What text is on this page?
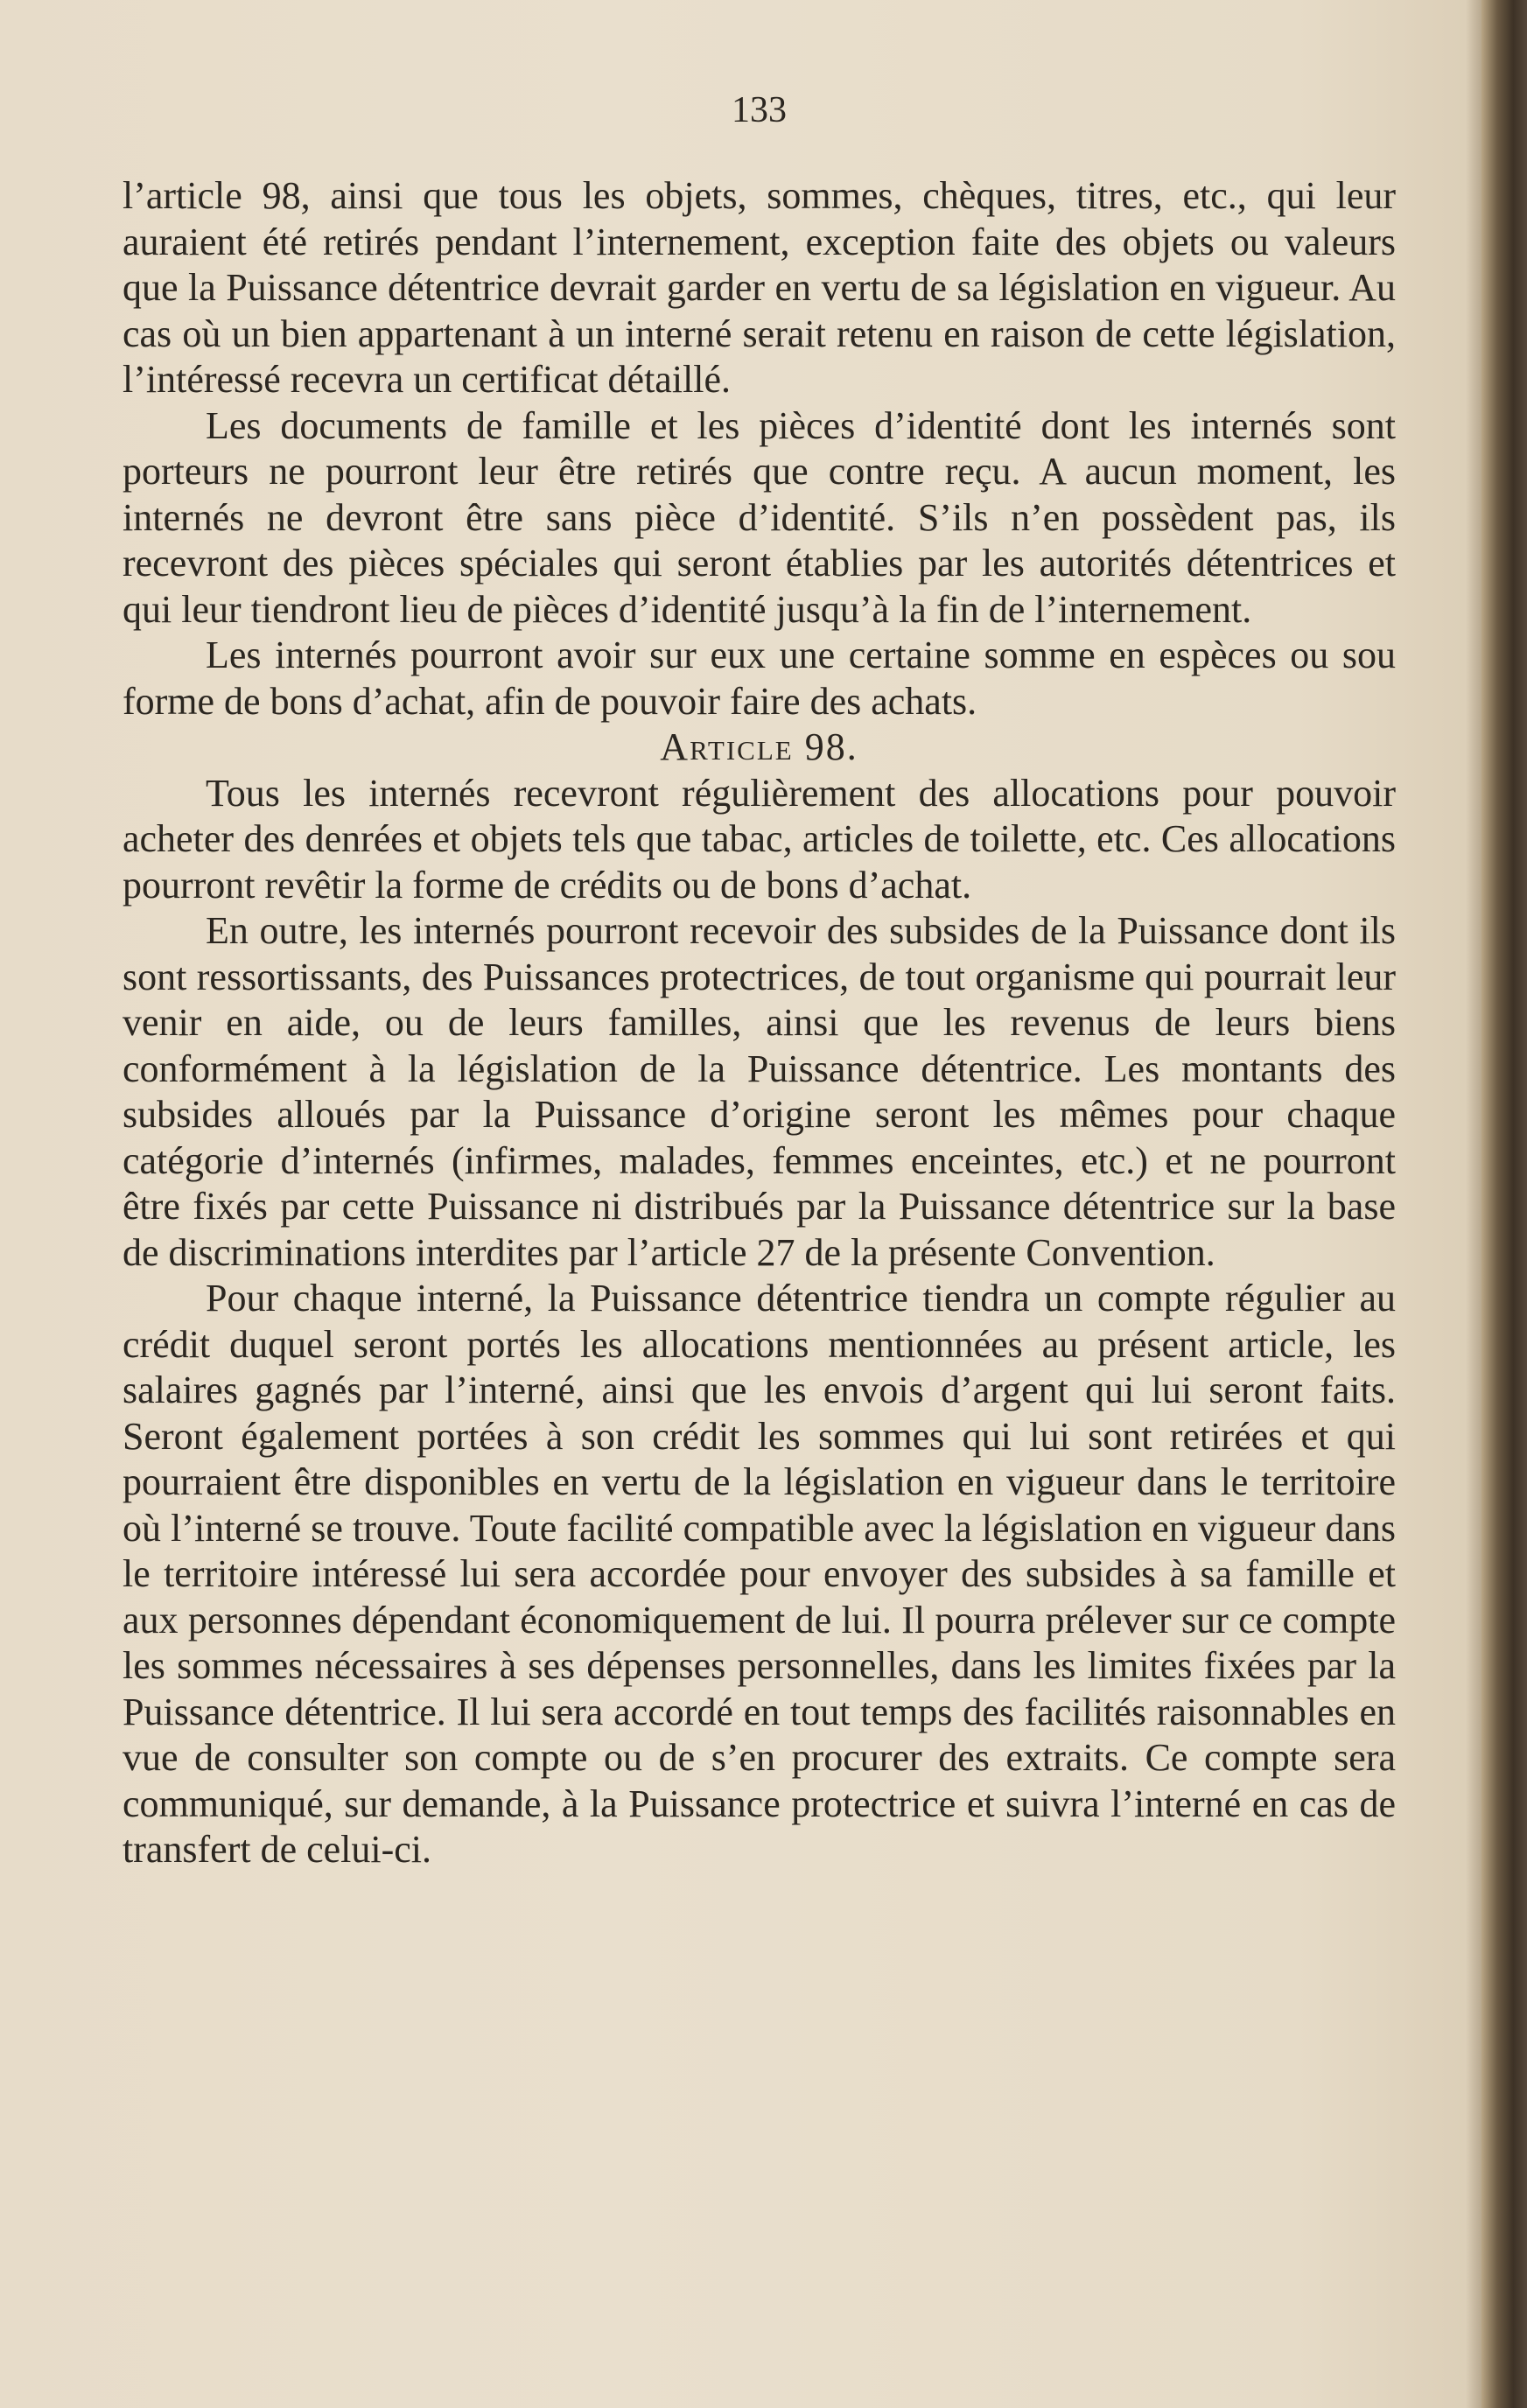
133

l’article 98, ainsi que tous les objets, sommes, chèques, titres, etc., qui leur auraient été retirés pendant l’internement, exception faite des objets ou valeurs que la Puissance détentrice devrait garder en vertu de sa législation en vigueur. Au cas où un bien appartenant à un interné serait retenu en raison de cette législation, l’intéressé recevra un certificat détaillé.

Les documents de famille et les pièces d’identité dont les internés sont porteurs ne pourront leur être retirés que contre reçu. A aucun moment, les internés ne devront être sans pièce d’identité. S’ils n’en possèdent pas, ils recevront des pièces spéciales qui seront établies par les autorités détentrices et qui leur tiendront lieu de pièces d’identité jusqu’à la fin de l’internement.

Les internés pourront avoir sur eux une certaine somme en espèces ou sou forme de bons d’achat, afin de pouvoir faire des achats.

Article 98.

Tous les internés recevront régulièrement des allocations pour pouvoir acheter des denrées et objets tels que tabac, articles de toilette, etc. Ces allocations pourront revêtir la forme de crédits ou de bons d’achat.

En outre, les internés pourront recevoir des subsides de la Puissance dont ils sont ressortissants, des Puissances protectrices, de tout organisme qui pourrait leur venir en aide, ou de leurs familles, ainsi que les revenus de leurs biens conformément à la législation de la Puissance détentrice. Les montants des subsides alloués par la Puissance d’origine seront les mêmes pour chaque catégorie d’internés (infirmes, malades, femmes enceintes, etc.) et ne pourront être fixés par cette Puissance ni distribués par la Puissance détentrice sur la base de discriminations interdites par l’article 27 de la présente Convention.

Pour chaque interné, la Puissance détentrice tiendra un compte régulier au crédit duquel seront portés les allocations mentionnées au présent article, les salaires gagnés par l’interné, ainsi que les envois d’argent qui lui seront faits. Seront également portées à son crédit les sommes qui lui sont retirées et qui pourraient être disponibles en vertu de la législation en vigueur dans le territoire où l’interné se trouve. Toute facilité compatible avec la législation en vigueur dans le territoire intéressé lui sera accordée pour envoyer des subsides à sa famille et aux personnes dépendant économiquement de lui. Il pourra prélever sur ce compte les sommes nécessaires à ses dépenses personnelles, dans les limites fixées par la Puissance détentrice. Il lui sera accordé en tout temps des facilités raisonnables en vue de consulter son compte ou de s’en procurer des extraits. Ce compte sera communiqué, sur demande, à la Puissance protectrice et suivra l’interné en cas de transfert de celui-ci.
